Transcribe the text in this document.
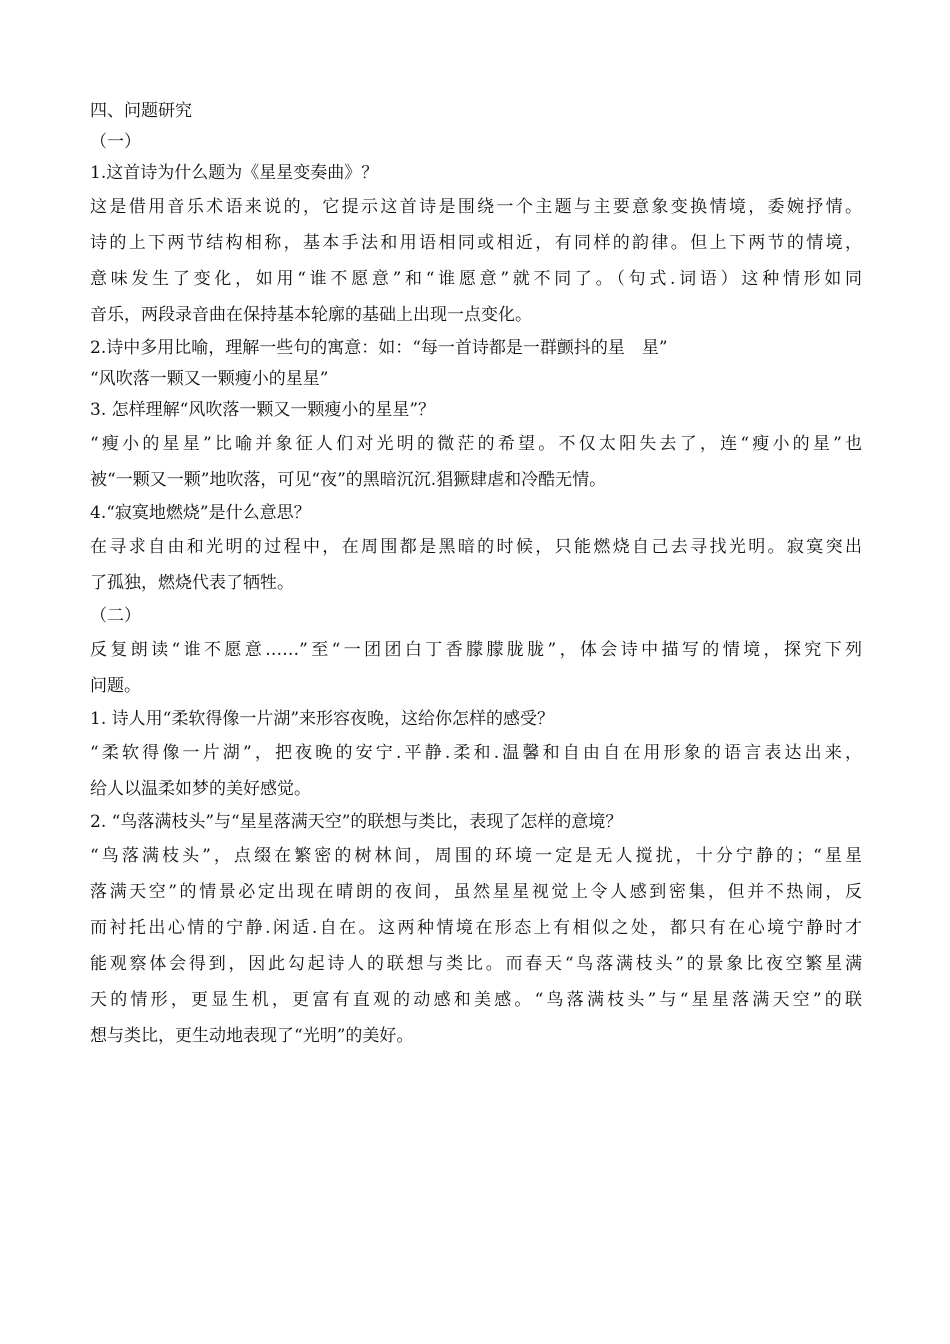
四、问题研究
（一）
1.这首诗为什么题为《星星变奏曲》？
这是借用音乐术语来说的，它提示这首诗是围绕一个主题与主要意象变换情境，委婉抒情。
诗的上下两节结构相称，基本手法和用语相同或相近，有同样的韵律。但上下两节的情境，
意味发生了变化，如用“谁不愿意”和“谁愿意”就不同了。（句式.词语）这种情形如同
音乐，两段录音曲在保持基本轮廓的基础上出现一点变化。
2.诗中多用比喻，理解一些句的寓意：如：“每一首诗都是一群颤抖的星　星”
“风吹落一颗又一颗瘦小的星星”
3. 怎样理解“风吹落一颗又一颗瘦小的星星”？
“瘦小的星星”比喻并象征人们对光明的微茫的希望。不仅太阳失去了，连“瘦小的星”也
被“一颗又一颗”地吹落，可见“夜”的黑暗沉沉.猖獗肆虐和冷酷无情。
4.“寂寞地燃烧”是什么意思？
在寻求自由和光明的过程中，在周围都是黑暗的时候，只能燃烧自己去寻找光明。寂寞突出
了孤独，燃烧代表了牺牲。
（二）
反复朗读“谁不愿意……”至“一团团白丁香朦朦胧胧”，体会诗中描写的情境，探究下列
问题。
1. 诗人用“柔软得像一片湖”来形容夜晚，这给你怎样的感受？
“柔软得像一片湖”，把夜晚的安宁.平静.柔和.温馨和自由自在用形象的语言表达出来，
给人以温柔如梦的美好感觉。
2. “鸟落满枝头”与“星星落满天空”的联想与类比，表现了怎样的意境？
“鸟落满枝头”，点缀在繁密的树林间，周围的环境一定是无人搅扰，十分宁静的；“星星
落满天空”的情景必定出现在晴朗的夜间，虽然星星视觉上令人感到密集，但并不热闹，反
而衬托出心情的宁静.闲适.自在。这两种情境在形态上有相似之处，都只有在心境宁静时才
能观察体会得到，因此勾起诗人的联想与类比。而春天“鸟落满枝头”的景象比夜空繁星满
天的情形，更显生机，更富有直观的动感和美感。“鸟落满枝头”与“星星落满天空”的联
想与类比，更生动地表现了“光明”的美好。
